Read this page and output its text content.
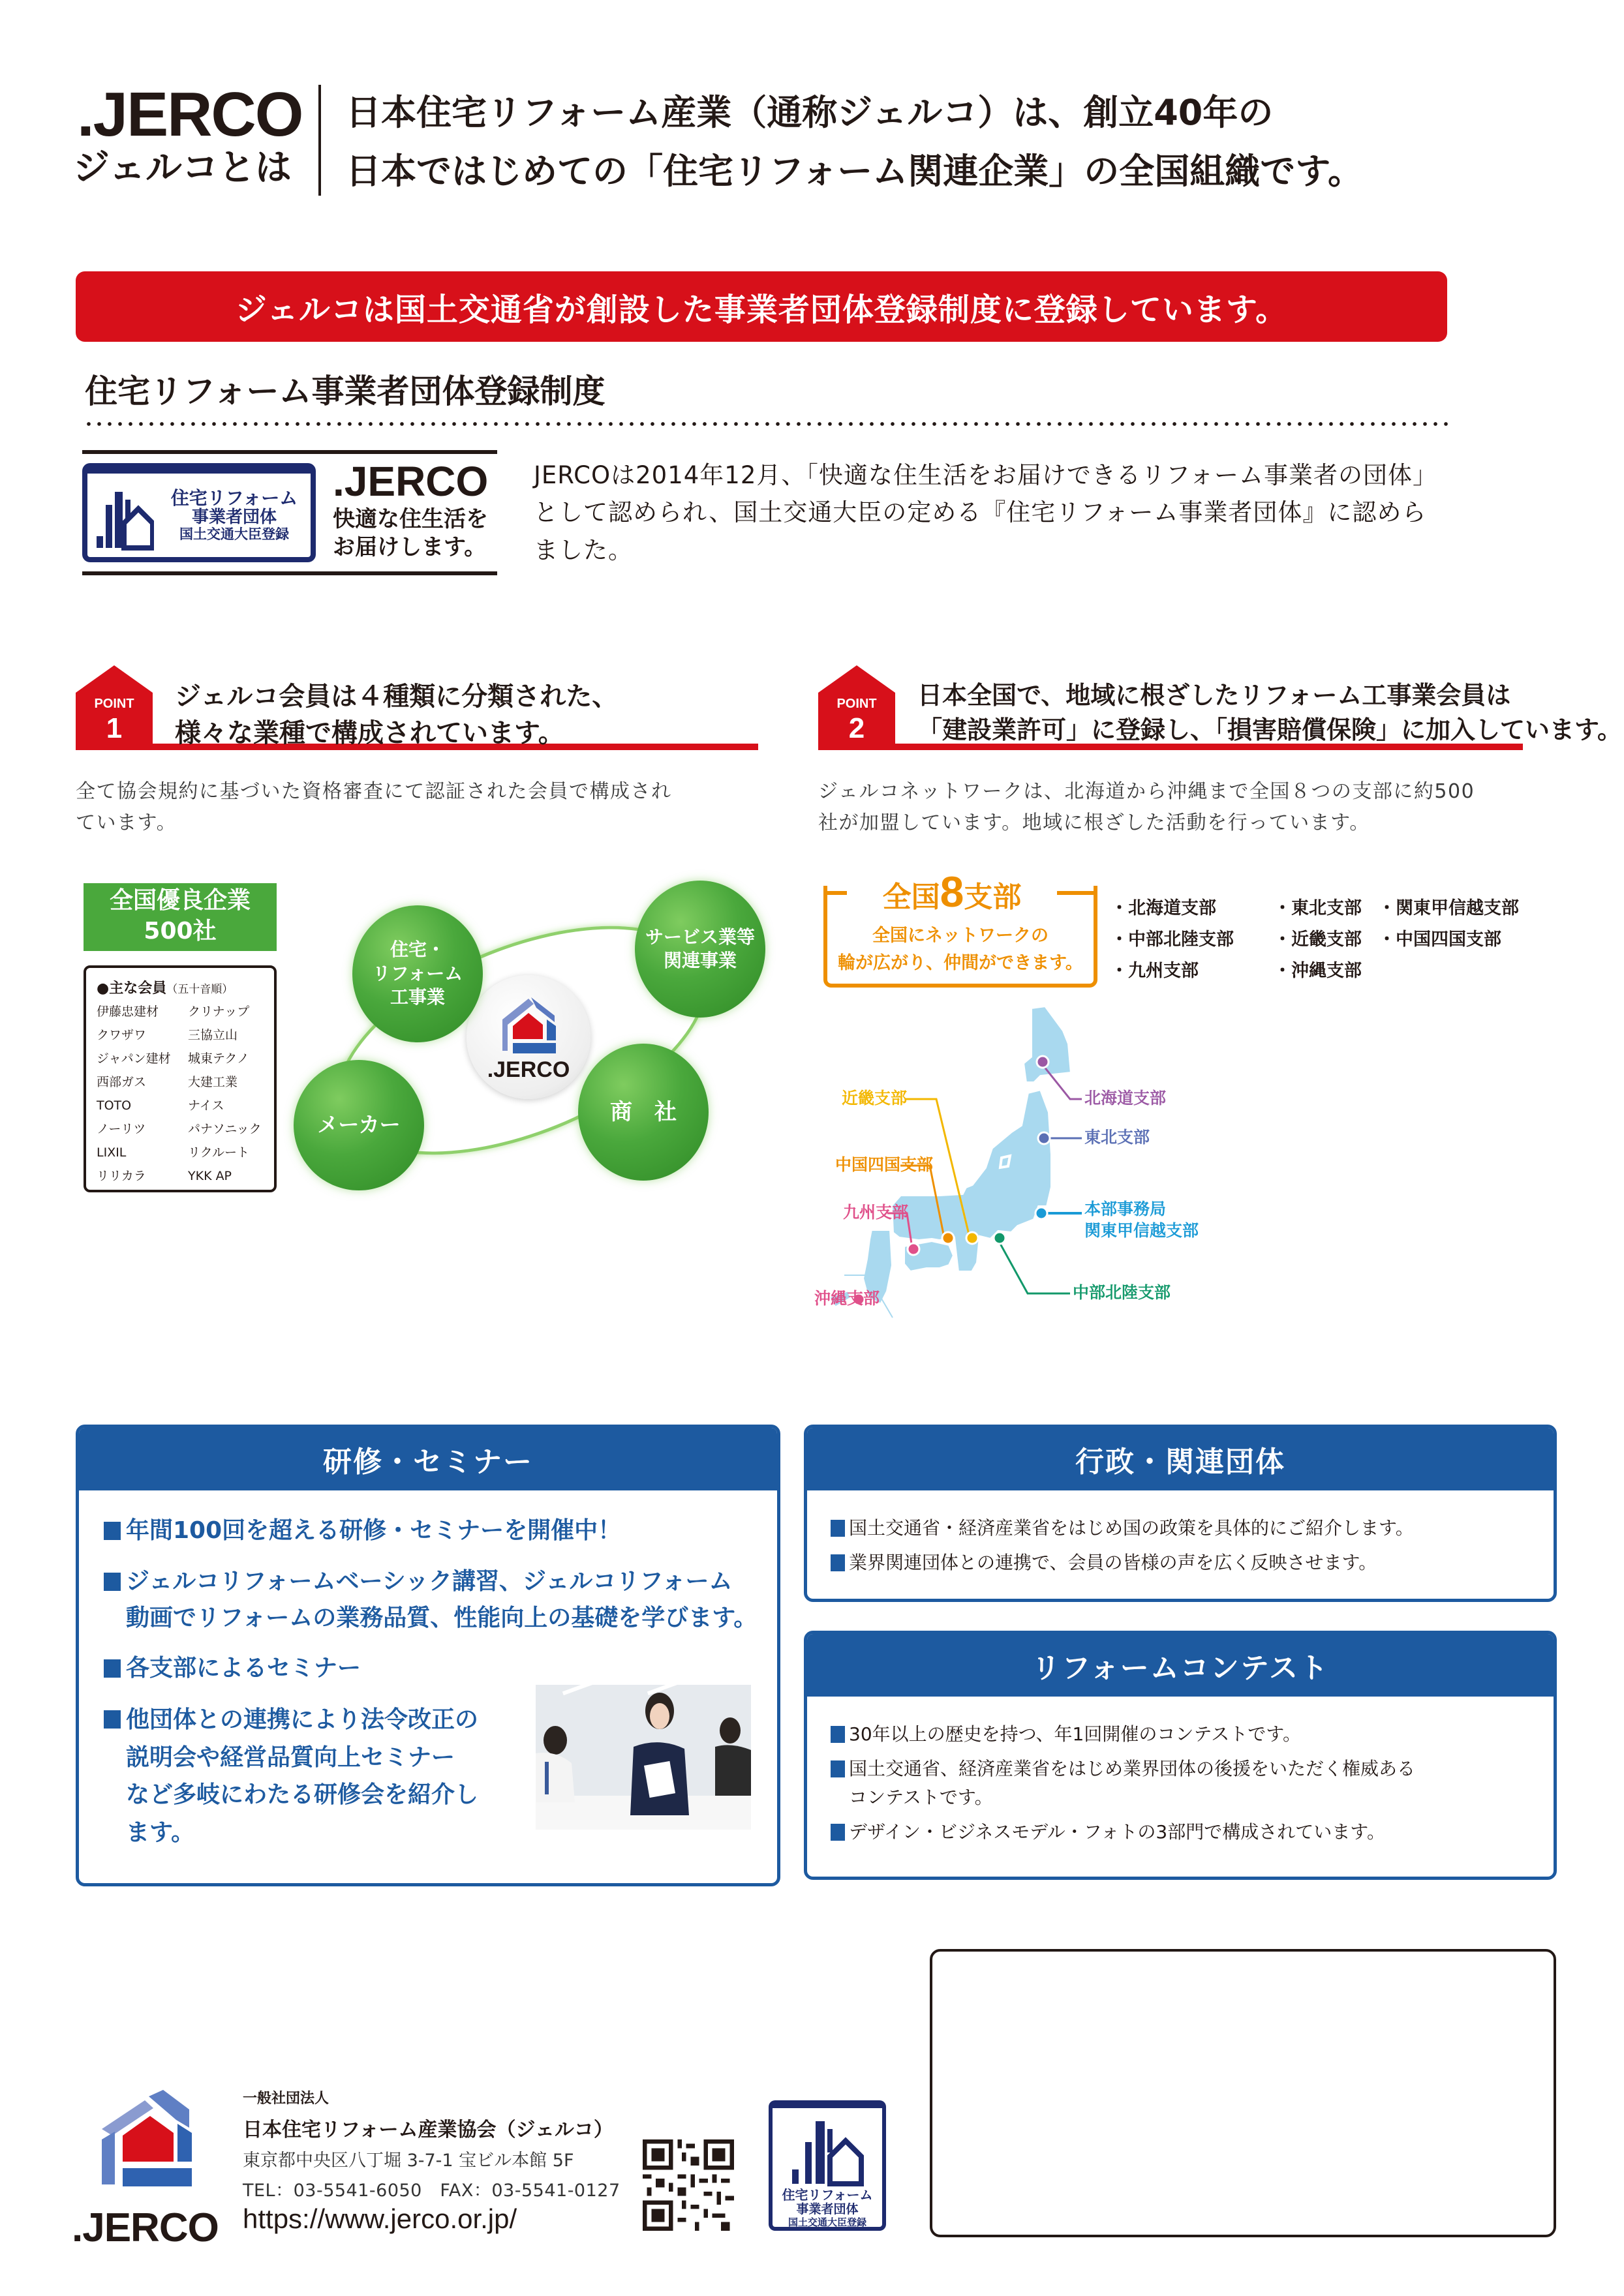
.JERCO
ジェルコとは
日本住宅リフォーム産業（通称ジェルコ）は、創立40年の
日本ではじめての「住宅リフォーム関連企業」の全国組織です。
ジェルコは国土交通省が創設した事業者団体登録制度に登録しています。
住宅リフォーム事業者団体登録制度
住宅リフォーム
事業者団体
国土交通大臣登録
.JERCO
快適な住生活を
お届けします。
JERCOは2014年12月、「快適な住生活をお届けできるリフォーム事業者の団体」として認められ、国土交通大臣の定める『住宅リフォーム事業者団体』に認めらました。
POINT
1
ジェルコ会員は４種類に分類された、
様々な業種で構成されています。
全て協会規約に基づいた資格審査にて認証された会員で構成され
ています。
POINT
2
日本全国で、地域に根ざしたリフォーム工事業会員は
「建設業許可」に登録し、「損害賠償保険」に加入しています。
ジェルコネットワークは、北海道から沖縄まで全国８つの支部に約500
社が加盟しています。地域に根ざした活動を行っています。
全国優良企業
500社
●主な会員（五十音順）
伊藤忠建材	クリナップ
クワザワ	三協立山
ジャパン建材	城東テクノ
西部ガス	大建工業
TOTO	ナイス
ノーリツ	パナソニック
LIXIL	リクルート
リリカラ	YKK AP
.JERCO
住宅・
リフォーム
工事業
サービス業等
関連事業
メーカー	商　社
全国8支部
全国にネットワークの
輪が広がり、仲間ができます。
・北海道支部	・東北支部 ・関東甲信越支部
・中部北陸支部	・近畿支部 ・中国四国支部
・九州支部	・沖縄支部
北海道支部
東北支部
本部事務局
関東甲信越支部
中部北陸支部
近畿支部
中国四国支部
九州支部
沖縄支部
研修・セミナー
年間100回を超える研修・セミナーを開催中！
ジェルコリフォームベーシック講習、ジェルコリフォーム
動画でリフォームの業務品質、性能向上の基礎を学びます。
各支部によるセミナー
他団体との連携により法令改正の
説明会や経営品質向上セミナー
など多岐にわたる研修会を紹介し
ます。
行政・関連団体
国土交通省・経済産業省をはじめ国の政策を具体的にご紹介します。
業界関連団体との連携で、会員の皆様の声を広く反映させます。
リフォームコンテスト
30年以上の歴史を持つ、年1回開催のコンテストです。
国土交通省、経済産業省をはじめ業界団体の後援をいただく権威ある
コンテストです。
デザイン・ビジネスモデル・フォトの3部門で構成されています。
.JERCO
一般社団法人
日本住宅リフォーム産業協会（ジェルコ）
東京都中央区八丁堀 3-7-1 宝ビル本館 5F
TEL：03-5541-6050　FAX：03-5541-0127
https://www.jerco.or.jp/
住宅リフォーム
事業者団体
国土交通大臣登録
